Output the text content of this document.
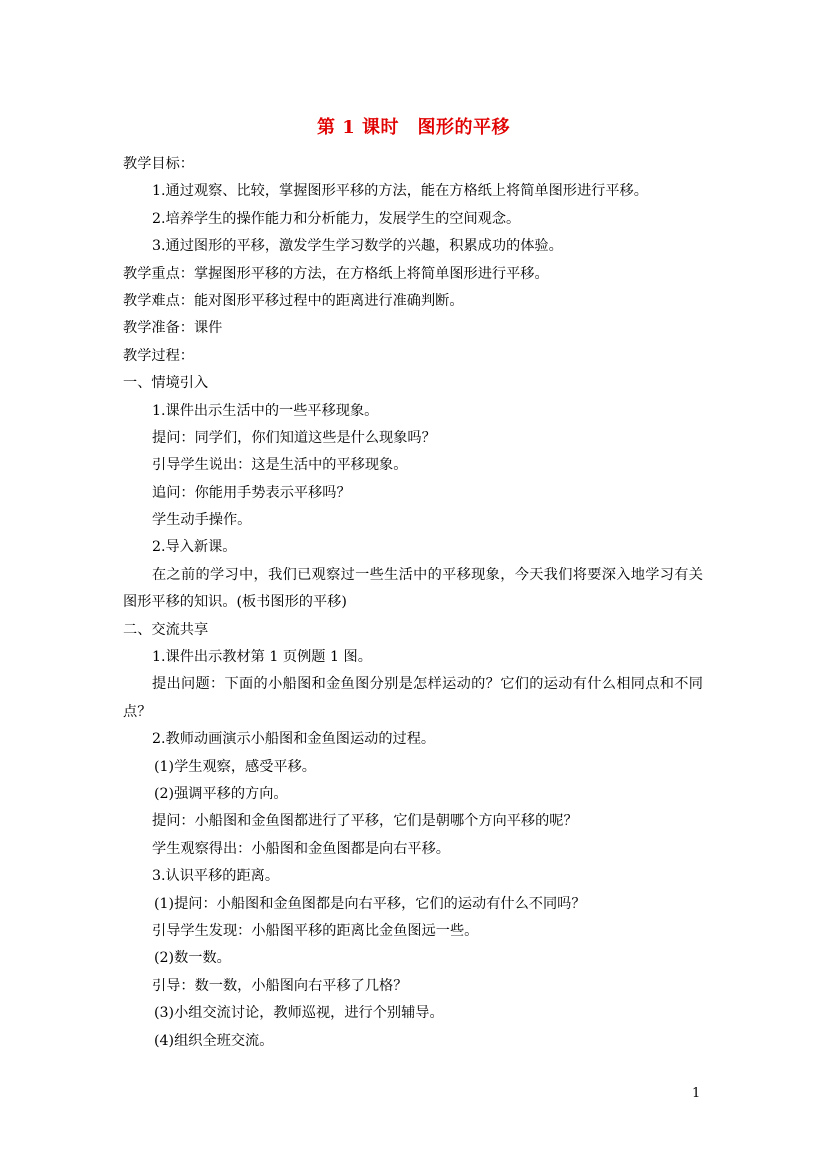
第 1 课时　图形的平移
教学目标：
1.通过观察、比较，掌握图形平移的方法，能在方格纸上将简单图形进行平移。
2.培养学生的操作能力和分析能力，发展学生的空间观念。
3.通过图形的平移，激发学生学习数学的兴趣，积累成功的体验。
教学重点：掌握图形平移的方法，在方格纸上将简单图形进行平移。
教学难点：能对图形平移过程中的距离进行准确判断。
教学准备：课件
教学过程：
一、情境引入
1.课件出示生活中的一些平移现象。
提问：同学们，你们知道这些是什么现象吗？
引导学生说出：这是生活中的平移现象。
追问：你能用手势表示平移吗？
学生动手操作。
2.导入新课。
在之前的学习中，我们已观察过一些生活中的平移现象，今天我们将要深入地学习有关图形平移的知识。(板书图形的平移)
二、交流共享
1.课件出示教材第 1 页例题 1 图。
提出问题：下面的小船图和金鱼图分别是怎样运动的？它们的运动有什么相同点和不同点？
2.教师动画演示小船图和金鱼图运动的过程。
(1)学生观察，感受平移。
(2)强调平移的方向。
提问：小船图和金鱼图都进行了平移，它们是朝哪个方向平移的呢？
学生观察得出：小船图和金鱼图都是向右平移。
3.认识平移的距离。
(1)提问：小船图和金鱼图都是向右平移，它们的运动有什么不同吗？
引导学生发现：小船图平移的距离比金鱼图远一些。
(2)数一数。
引导：数一数，小船图向右平移了几格？
(3)小组交流讨论，教师巡视，进行个别辅导。
(4)组织全班交流。
1
